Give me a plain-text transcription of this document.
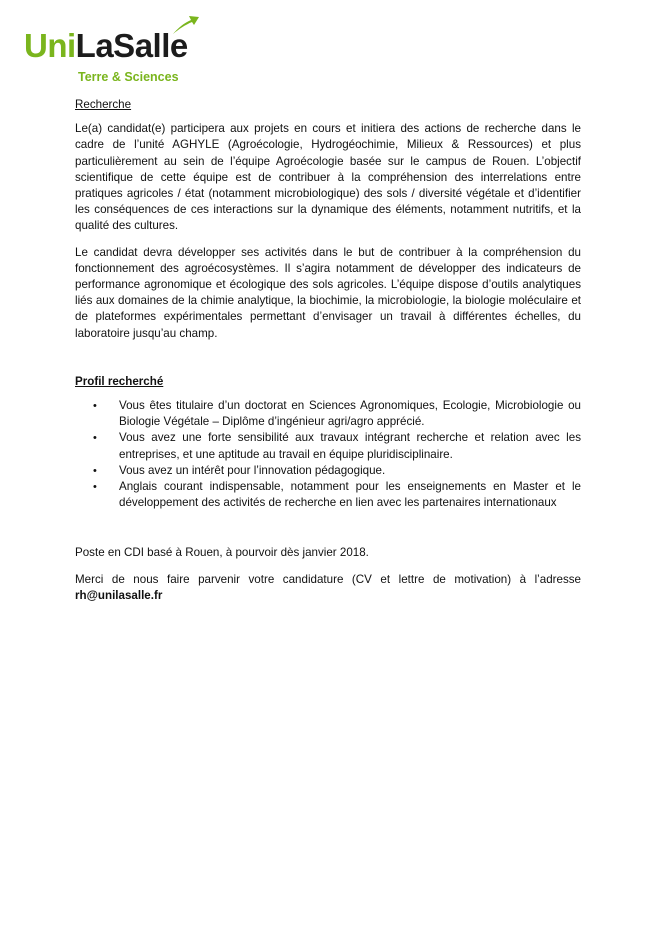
UniLaSalle
Terre & Sciences
Recherche

Le(a) candidat(e) participera aux projets en cours et initiera des actions de recherche dans le cadre de l’unité AGHYLE (Agroécologie, Hydrogéochimie, Milieux & Ressources) et plus particulièrement au sein de l’équipe Agroécologie basée sur le campus de Rouen. L’objectif scientifique de cette équipe est de contribuer à la compréhension des interrelations entre pratiques agricoles / état (notamment microbiologique) des sols / diversité végétale et d’identifier les conséquences de ces interactions sur la dynamique des éléments, notamment nutritifs, et la qualité des cultures.

Le candidat devra développer ses activités dans le but de contribuer à la compréhension du fonctionnement des agroécosystèmes. Il s’agira notamment de développer des indicateurs de performance agronomique et écologique des sols agricoles. L’équipe dispose d’outils analytiques liés aux domaines de la chimie analytique, la biochimie, la microbiologie, la biologie moléculaire et de plateformes expérimentales permettant d’envisager un travail à différentes échelles, du laboratoire jusqu’au champ.

Profil recherché
• Vous êtes titulaire d’un doctorat en Sciences Agronomiques, Ecologie, Microbiologie ou Biologie Végétale – Diplôme d’ingénieur agri/agro apprécié.
• Vous avez une forte sensibilité aux travaux intégrant recherche et relation avec les entreprises, et une aptitude au travail en équipe pluridisciplinaire.
• Vous avez un intérêt pour l’innovation pédagogique.
• Anglais courant indispensable, notamment pour les enseignements en Master et le développement des activités de recherche en lien avec les partenaires internationaux

Poste en CDI basé à Rouen, à pourvoir dès janvier 2018.

Merci de nous faire parvenir votre candidature (CV et lettre de motivation) à l’adresse rh@unilasalle.fr
